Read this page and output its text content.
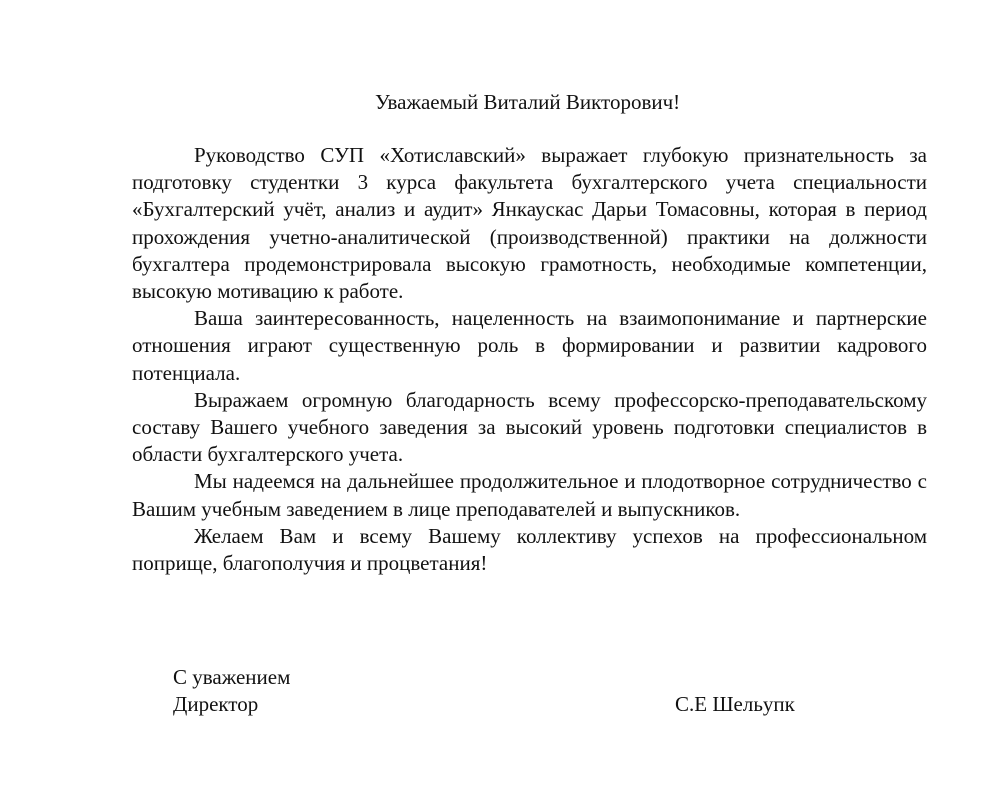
Уважаемый Виталий Викторович!

Руководство СУП «Хотиславский» выражает глубокую признательность за подготовку студентки 3 курса факультета бухгалтерского учета специальности «Бухгалтерский учёт, анализ и аудит» Янкаускас Дарьи Томасовны, которая в период прохождения учетно-аналитической (производственной) практики на должности бухгалтера продемонстрировала высокую грамотность, необходимые компетенции, высокую мотивацию к работе.

Ваша заинтересованность, нацеленность на взаимопонимание и партнерские отношения играют существенную роль в формировании и развитии кадрового потенциала.

Выражаем огромную благодарность всему профессорско-преподавательскому составу Вашего учебного заведения за высокий уровень подготовки специалистов в области бухгалтерского учета.

Мы надеемся на дальнейшее продолжительное и плодотворное сотрудничество с Вашим учебным заведением в лице преподавателей и выпускников.

Желаем Вам и всему Вашему коллективу успехов на профессиональном поприще, благополучия и процветания!

С уважением
Директор	С.Е Шельупк
